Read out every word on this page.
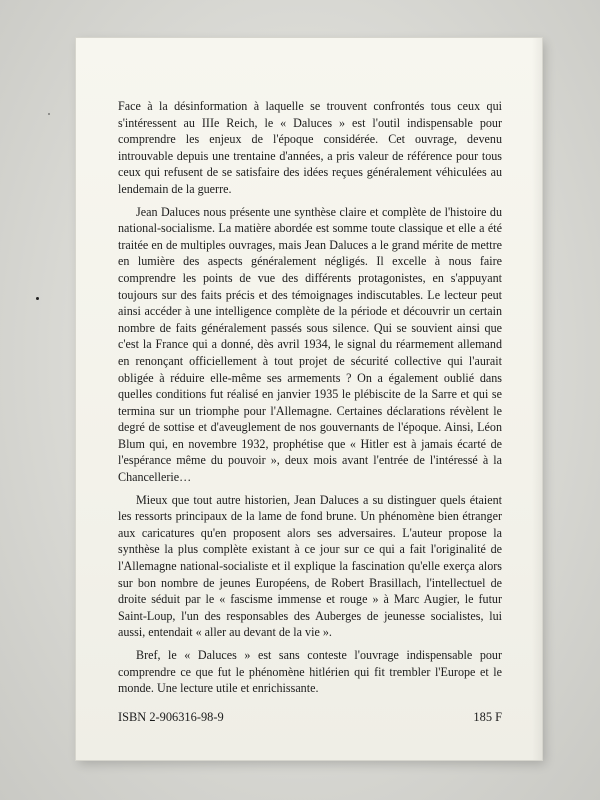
Face à la désinformation à laquelle se trouvent confrontés tous ceux qui s'intéressent au IIIe Reich, le « Daluces » est l'outil indispensable pour comprendre les enjeux de l'époque considérée. Cet ouvrage, devenu introuvable depuis une trentaine d'années, a pris valeur de référence pour tous ceux qui refusent de se satisfaire des idées reçues généralement véhiculées au lendemain de la guerre.

Jean Daluces nous présente une synthèse claire et complète de l'histoire du national-socialisme. La matière abordée est somme toute classique et elle a été traitée en de multiples ouvrages, mais Jean Daluces a le grand mérite de mettre en lumière des aspects généralement négligés. Il excelle à nous faire comprendre les points de vue des différents protagonistes, en s'appuyant toujours sur des faits précis et des témoignages indiscutables. Le lecteur peut ainsi accéder à une intelligence complète de la période et découvrir un certain nombre de faits généralement passés sous silence. Qui se souvient ainsi que c'est la France qui a donné, dès avril 1934, le signal du réarmement allemand en renonçant officiellement à tout projet de sécurité collective qui l'aurait obligée à réduire elle-même ses armements ? On a également oublié dans quelles conditions fut réalisé en janvier 1935 le plébiscite de la Sarre et qui se termina sur un triomphe pour l'Allemagne. Certaines déclarations révèlent le degré de sottise et d'aveuglement de nos gouvernants de l'époque. Ainsi, Léon Blum qui, en novembre 1932, prophétise que « Hitler est à jamais écarté de l'espérance même du pouvoir », deux mois avant l'entrée de l'intéressé à la Chancellerie…

Mieux que tout autre historien, Jean Daluces a su distinguer quels étaient les ressorts principaux de la lame de fond brune. Un phénomène bien étranger aux caricatures qu'en proposent alors ses adversaires. L'auteur propose la synthèse la plus complète existant à ce jour sur ce qui a fait l'originalité de l'Allemagne national-socialiste et il explique la fascination qu'elle exerça alors sur bon nombre de jeunes Européens, de Robert Brasillach, l'intellectuel de droite séduit par le « fascisme immense et rouge » à Marc Augier, le futur Saint-Loup, l'un des responsables des Auberges de jeunesse socialistes, lui aussi, entendait « aller au devant de la vie ».

Bref, le « Daluces » est sans conteste l'ouvrage indispensable pour comprendre ce que fut le phénomène hitlérien qui fit trembler l'Europe et le monde. Une lecture utile et enrichissante.

ISBN 2-906316-98-9	185 F
